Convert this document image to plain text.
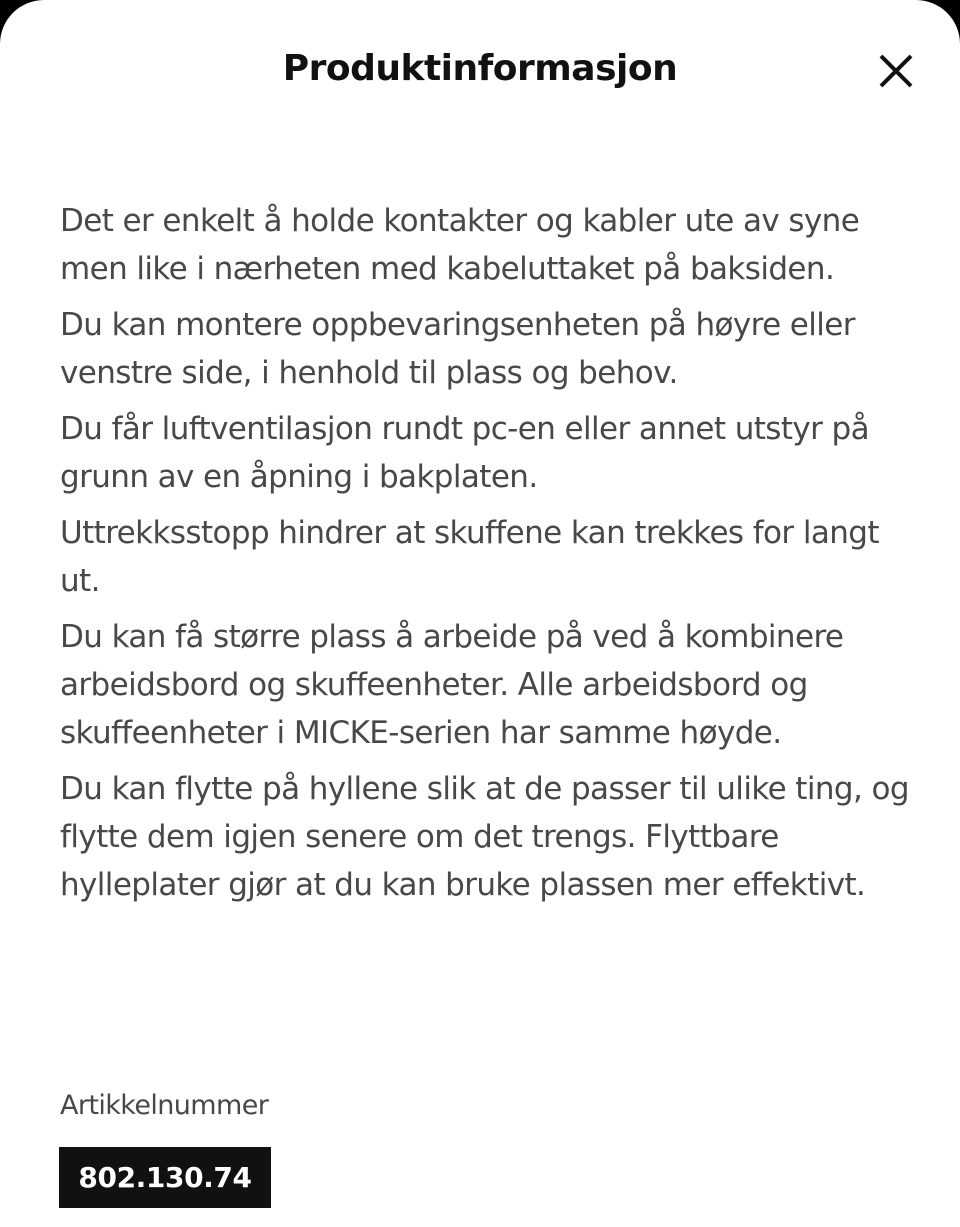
Produktinformasjon

Det er enkelt å holde kontakter og kabler ute av syne men like i nærheten med kabeluttaket på baksiden.

Du kan montere oppbevaringsenheten på høyre eller venstre side, i henhold til plass og behov.

Du får luftventilasjon rundt pc-en eller annet utstyr på grunn av en åpning i bakplaten.

Uttrekksstopp hindrer at skuffene kan trekkes for langt ut.

Du kan få større plass å arbeide på ved å kombinere arbeidsbord og skuffeenheter. Alle arbeidsbord og skuffeenheter i MICKE-serien har samme høyde.

Du kan flytte på hyllene slik at de passer til ulike ting, og flytte dem igjen senere om det trengs. Flyttbare hylleplater gjør at du kan bruke plassen mer effektivt.

Artikkelnummer
802.130.74
